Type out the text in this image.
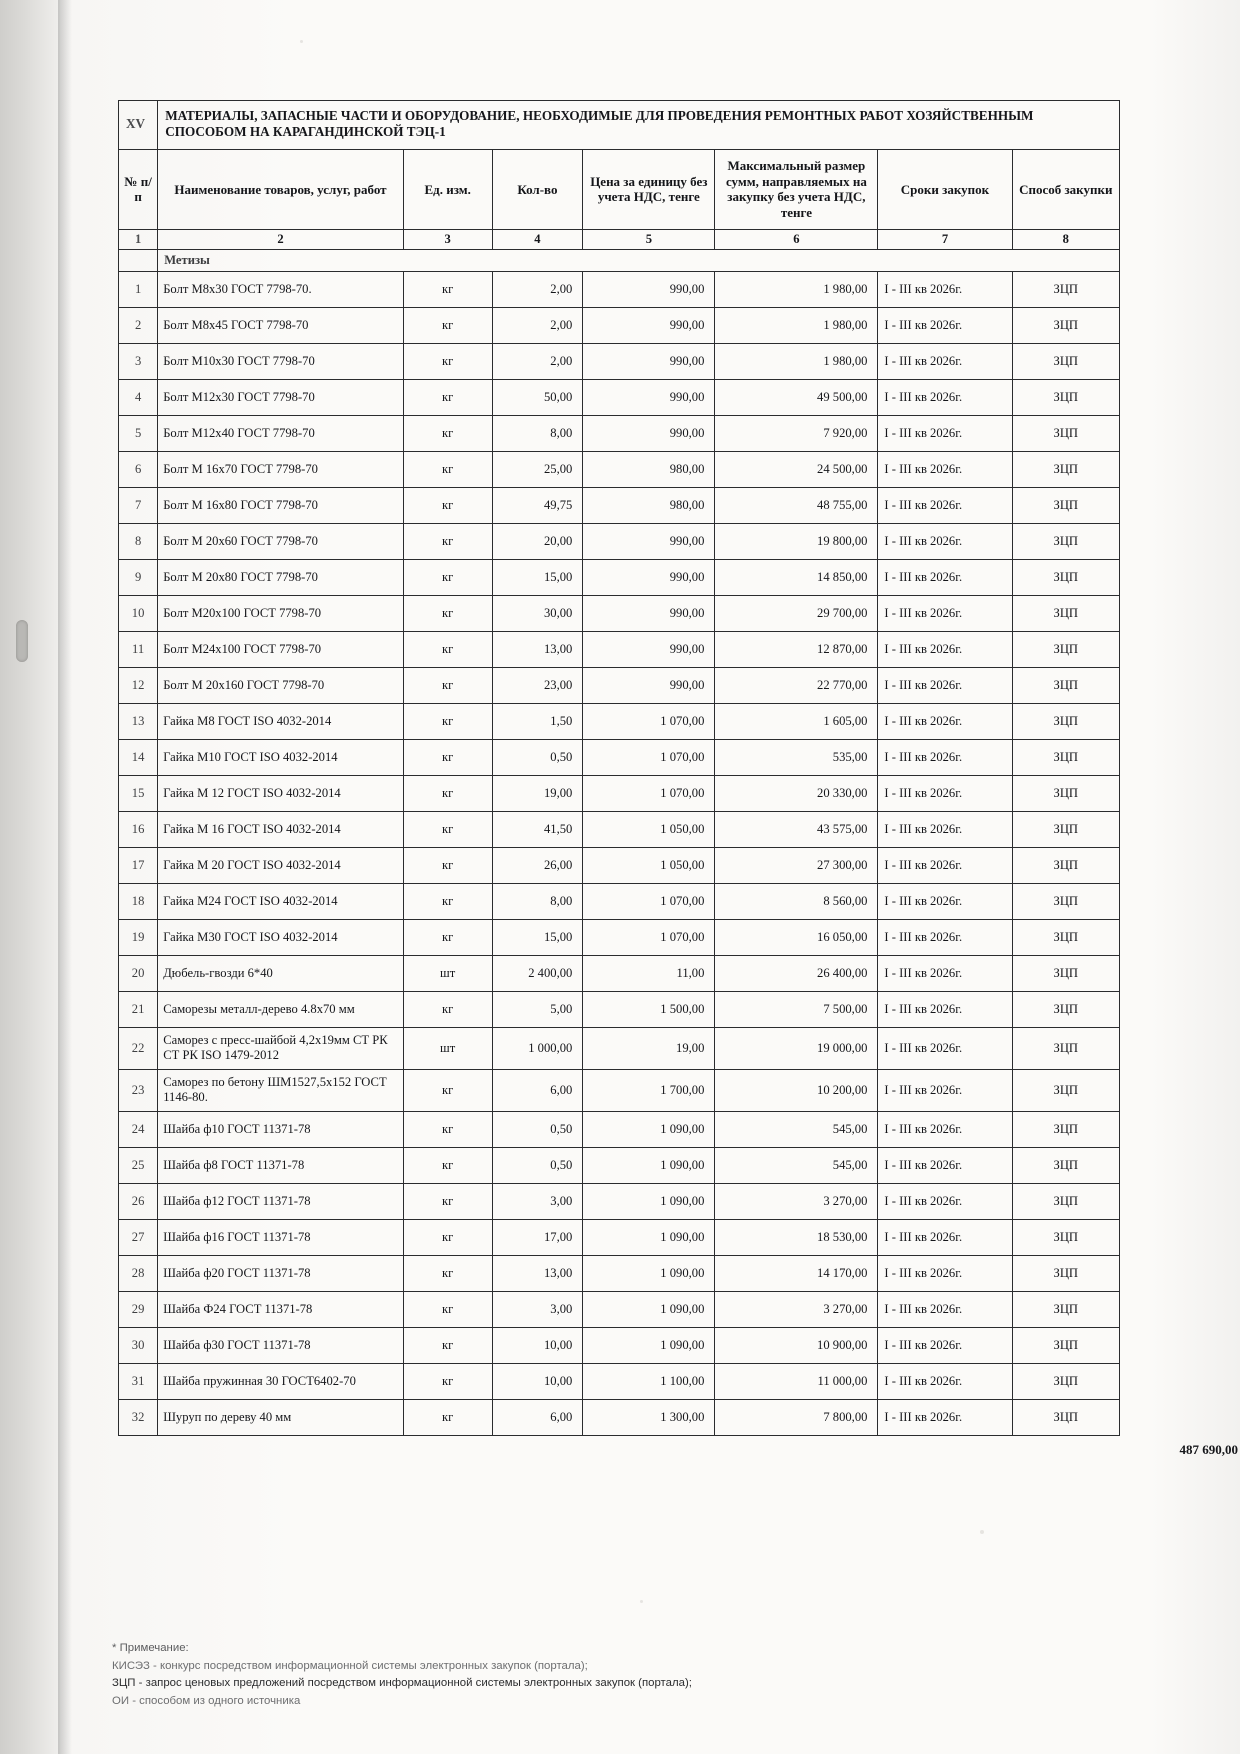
XV	МАТЕРИАЛЫ, ЗАПАСНЫЕ ЧАСТИ И ОБОРУДОВАНИЕ, НЕОБХОДИМЫЕ ДЛЯ ПРОВЕДЕНИЯ РЕМОНТНЫХ РАБОТ ХОЗЯЙСТВЕННЫМ СПОСОБОМ НА КАРАГАНДИНСКОЙ ТЭЦ-1						
№ п/п	Наименование товаров, услуг, работ	Ед. изм.	Кол-во	Цена за единицу без учета НДС, тенге	Максимальный размер сумм, направляемых на закупку без учета НДС, тенге	Сроки закупок	Способ закупки
1	2	3	4	5	6	7	8
	Метизы						
1	Болт М8х30 ГОСТ 7798-70.	кг	2,00	990,00	1 980,00	I - III кв 2026г.	ЗЦП
2	Болт М8х45 ГОСТ 7798-70	кг	2,00	990,00	1 980,00	I - III кв 2026г.	ЗЦП
3	Болт М10х30 ГОСТ 7798-70	кг	2,00	990,00	1 980,00	I - III кв 2026г.	ЗЦП
4	Болт М12х30 ГОСТ 7798-70	кг	50,00	990,00	49 500,00	I - III кв 2026г.	ЗЦП
5	Болт М12х40 ГОСТ 7798-70	кг	8,00	990,00	7 920,00	I - III кв 2026г.	ЗЦП
6	Болт М 16х70 ГОСТ 7798-70	кг	25,00	980,00	24 500,00	I - III кв 2026г.	ЗЦП
7	Болт М 16х80 ГОСТ 7798-70	кг	49,75	980,00	48 755,00	I - III кв 2026г.	ЗЦП
8	Болт М 20х60 ГОСТ 7798-70	кг	20,00	990,00	19 800,00	I - III кв 2026г.	ЗЦП
9	Болт М 20х80 ГОСТ 7798-70	кг	15,00	990,00	14 850,00	I - III кв 2026г.	ЗЦП
10	Болт М20х100 ГОСТ 7798-70	кг	30,00	990,00	29 700,00	I - III кв 2026г.	ЗЦП
11	Болт М24х100 ГОСТ 7798-70	кг	13,00	990,00	12 870,00	I - III кв 2026г.	ЗЦП
12	Болт М 20х160 ГОСТ 7798-70	кг	23,00	990,00	22 770,00	I - III кв 2026г.	ЗЦП
13	Гайка М8 ГОСТ ISO 4032-2014	кг	1,50	1 070,00	1 605,00	I - III кв 2026г.	ЗЦП
14	Гайка М10 ГОСТ ISO 4032-2014	кг	0,50	1 070,00	535,00	I - III кв 2026г.	ЗЦП
15	Гайка М 12 ГОСТ ISO 4032-2014	кг	19,00	1 070,00	20 330,00	I - III кв 2026г.	ЗЦП
16	Гайка М 16 ГОСТ ISO 4032-2014	кг	41,50	1 050,00	43 575,00	I - III кв 2026г.	ЗЦП
17	Гайка М 20 ГОСТ ISO 4032-2014	кг	26,00	1 050,00	27 300,00	I - III кв 2026г.	ЗЦП
18	Гайка М24 ГОСТ ISO 4032-2014	кг	8,00	1 070,00	8 560,00	I - III кв 2026г.	ЗЦП
19	Гайка М30 ГОСТ ISO 4032-2014	кг	15,00	1 070,00	16 050,00	I - III кв 2026г.	ЗЦП
20	Дюбель-гвозди 6*40	шт	2 400,00	11,00	26 400,00	I - III кв 2026г.	ЗЦП
21	Саморезы металл-дерево 4.8х70 мм	кг	5,00	1 500,00	7 500,00	I - III кв 2026г.	ЗЦП
22	Саморез с пресс-шайбой 4,2х19мм СТ РК СТ РК ISO 1479-2012	шт	1 000,00	19,00	19 000,00	I - III кв 2026г.	ЗЦП
23	Саморез по бетону ШМ1527,5х152 ГОСТ 1146-80.	кг	6,00	1 700,00	10 200,00	I - III кв 2026г.	ЗЦП
24	Шайба ф10 ГОСТ 11371-78	кг	0,50	1 090,00	545,00	I - III кв 2026г.	ЗЦП
25	Шайба ф8 ГОСТ 11371-78	кг	0,50	1 090,00	545,00	I - III кв 2026г.	ЗЦП
26	Шайба ф12 ГОСТ 11371-78	кг	3,00	1 090,00	3 270,00	I - III кв 2026г.	ЗЦП
27	Шайба ф16 ГОСТ 11371-78	кг	17,00	1 090,00	18 530,00	I - III кв 2026г.	ЗЦП
28	Шайба ф20 ГОСТ 11371-78	кг	13,00	1 090,00	14 170,00	I - III кв 2026г.	ЗЦП
29	Шайба Ф24 ГОСТ 11371-78	кг	3,00	1 090,00	3 270,00	I - III кв 2026г.	ЗЦП
30	Шайба ф30 ГОСТ 11371-78	кг	10,00	1 090,00	10 900,00	I - III кв 2026г.	ЗЦП
31	Шайба пружинная 30 ГОСТ6402-70	кг	10,00	1 100,00	11 000,00	I - III кв 2026г.	ЗЦП
32	Шуруп по дереву 40 мм	кг	6,00	1 300,00	7 800,00	I - III кв 2026г.	ЗЦП
487 690,00
* Примечание:
КИСЭЗ - конкурс посредством информационной системы электронных закупок (портала);
ЗЦП - запрос ценовых предложений посредством информационной системы электронных закупок (портала);
ОИ - способом из одного источника
